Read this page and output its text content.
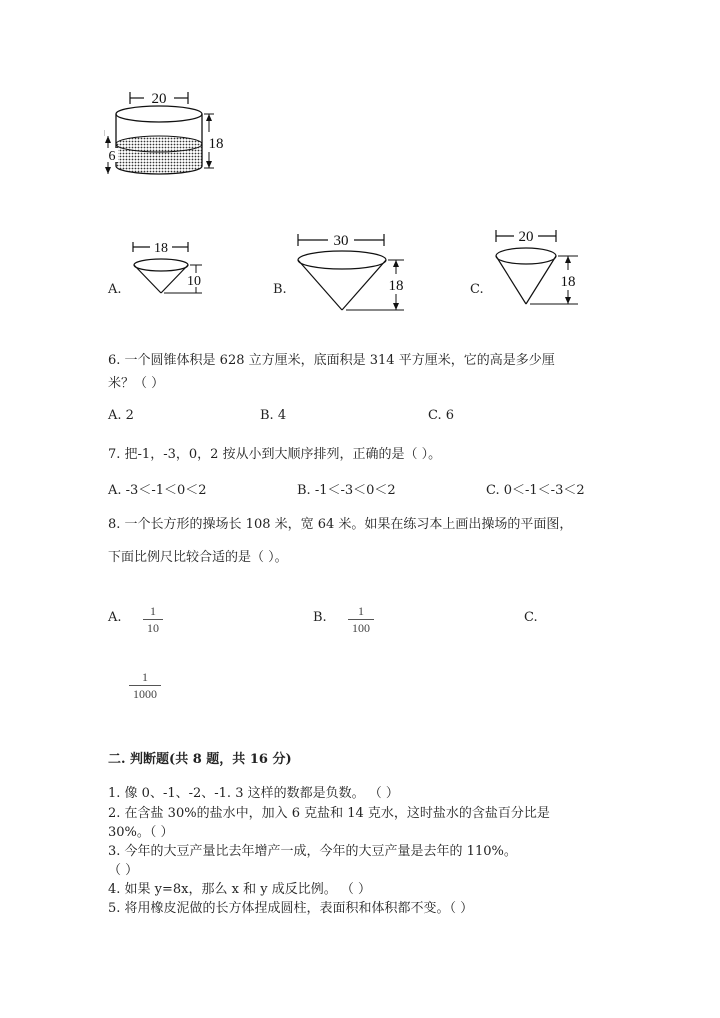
20
18
6
A.
18
10
B.
30
18	C.
20
18
6. 一个圆锥体积是 628 立方厘米，底面积是 314 平方厘米，它的高是多少厘
米？（ ）
A. 2	B. 4	C. 6
7. 把-1，-3，0，2 按从小到大顺序排列，正确的是（ ）。
A. -3＜-1＜0＜2	B. -1＜-3＜0＜2	C. 0＜-1＜-3＜2
8. 一个长方形的操场长 108 米，宽 64 米。如果在练习本上画出操场的平面图，
下面比例尺比较合适的是（ ）。
A.	1
10
B.	1
100
C.
1
1000
二. 判断题(共 8 题，共 16 分)
1. 像 0、-1、-2、-1. 3 这样的数都是负数。 （ ）
2. 在含盐 30%的盐水中，加入 6 克盐和 14 克水，这时盐水的含盐百分比是
30%。（ ）
3. 今年的大豆产量比去年增产一成，今年的大豆产量是去年的 110%。
（ ）
4. 如果 y=8x，那么 x 和 y 成反比例。 （ ）
5. 将用橡皮泥做的长方体捏成圆柱，表面积和体积都不变。（ ）
